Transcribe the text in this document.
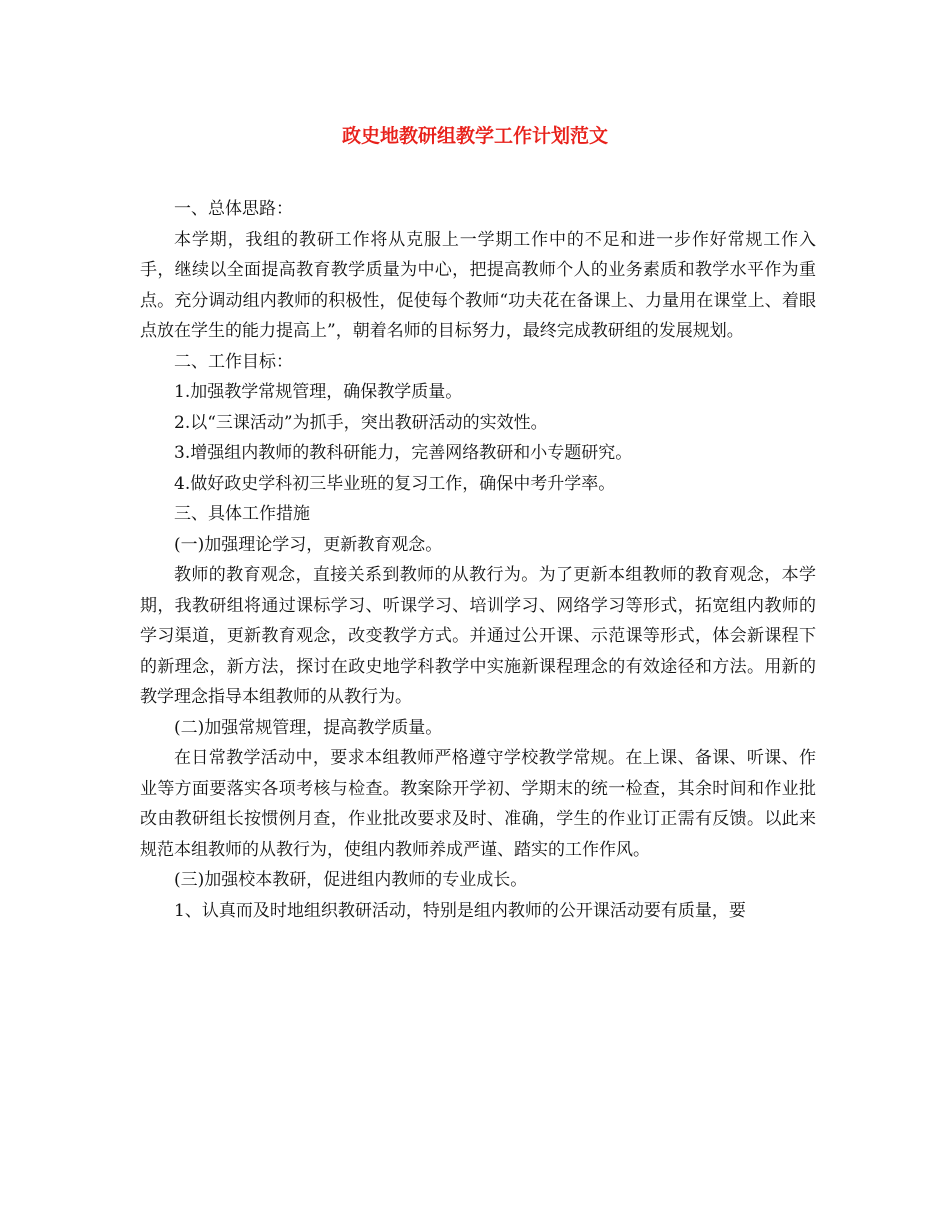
政史地教研组教学工作计划范文

一、总体思路：

本学期，我组的教研工作将从克服上一学期工作中的不足和进一步作好常规工作入手，继续以全面提高教育教学质量为中心，把提高教师个人的业务素质和教学水平作为重点。充分调动组内教师的积极性，促使每个教师“功夫花在备课上、力量用在课堂上、着眼点放在学生的能力提高上”，朝着名师的目标努力，最终完成教研组的发展规划。

二、工作目标：

1.加强教学常规管理，确保教学质量。

2.以“三课活动”为抓手，突出教研活动的实效性。

3.增强组内教师的教科研能力，完善网络教研和小专题研究。

4.做好政史学科初三毕业班的复习工作，确保中考升学率。

三、具体工作措施

(一)加强理论学习，更新教育观念。

教师的教育观念，直接关系到教师的从教行为。为了更新本组教师的教育观念，本学期，我教研组将通过课标学习、听课学习、培训学习、网络学习等形式，拓宽组内教师的学习渠道，更新教育观念，改变教学方式。并通过公开课、示范课等形式，体会新课程下的新理念，新方法，探讨在政史地学科教学中实施新课程理念的有效途径和方法。用新的教学理念指导本组教师的从教行为。

(二)加强常规管理，提高教学质量。

在日常教学活动中，要求本组教师严格遵守学校教学常规。在上课、备课、听课、作业等方面要落实各项考核与检查。教案除开学初、学期末的统一检查，其余时间和作业批改由教研组长按惯例月查，作业批改要求及时、准确，学生的作业订正需有反馈。以此来规范本组教师的从教行为，使组内教师养成严谨、踏实的工作作风。

(三)加强校本教研，促进组内教师的专业成长。

1、认真而及时地组织教研活动，特别是组内教师的公开课活动要有质量，要
